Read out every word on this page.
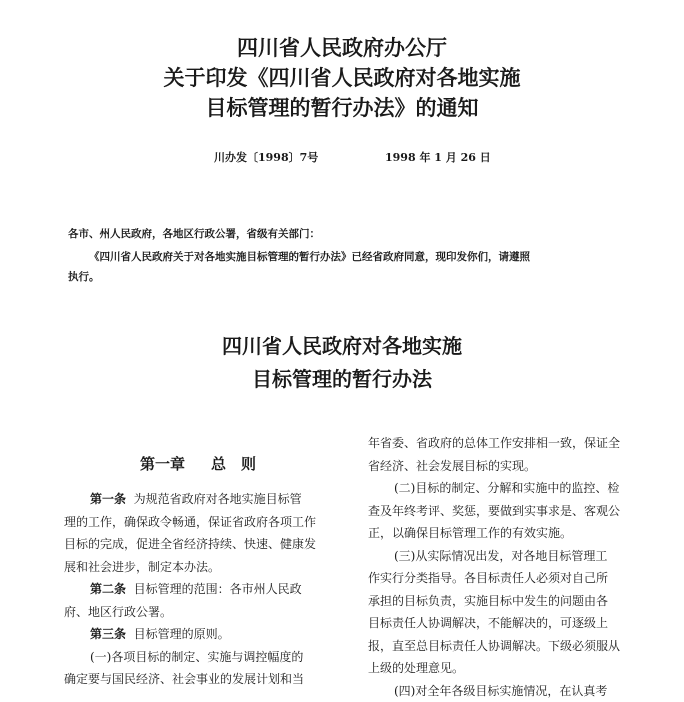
四川省人民政府办公厅
关于印发《四川省人民政府对各地实施
目标管理的暂行办法》的通知
川办发〔1998〕7号	1998 年 1 月 26 日
各市、州人民政府，各地区行政公署，省级有关部门：
《四川省人民政府关于对各地实施目标管理的暂行办法》已经省政府同意，现印发你们，请遵照
执行。
四川省人民政府对各地实施
目标管理的暂行办法
第一章 总　则
第一条 为规范省政府对各地实施目标管
理的工作，确保政令畅通，保证省政府各项工作
目标的完成，促进全省经济持续、快速、健康发
展和社会进步，制定本办法。
第二条 目标管理的范围：各市州人民政
府、地区行政公署。
第三条 目标管理的原则。
(一)各项目标的制定、实施与调控幅度的
确定要与国民经济、社会事业的发展计划和当
年省委、省政府的总体工作安排相一致，保证全
省经济、社会发展目标的实现。
(二)目标的制定、分解和实施中的监控、检
查及年终考评、奖惩，要做到实事求是、客观公
正，以确保目标管理工作的有效实施。
(三)从实际情况出发，对各地目标管理工
作实行分类指导。各目标责任人必须对自己所
承担的目标负责，实施目标中发生的问题由各
目标责任人协调解决，不能解决的，可逐级上
报，直至总目标责任人协调解决。下级必须服从
上级的处理意见。
(四)对全年各级目标实施情况，在认真考
